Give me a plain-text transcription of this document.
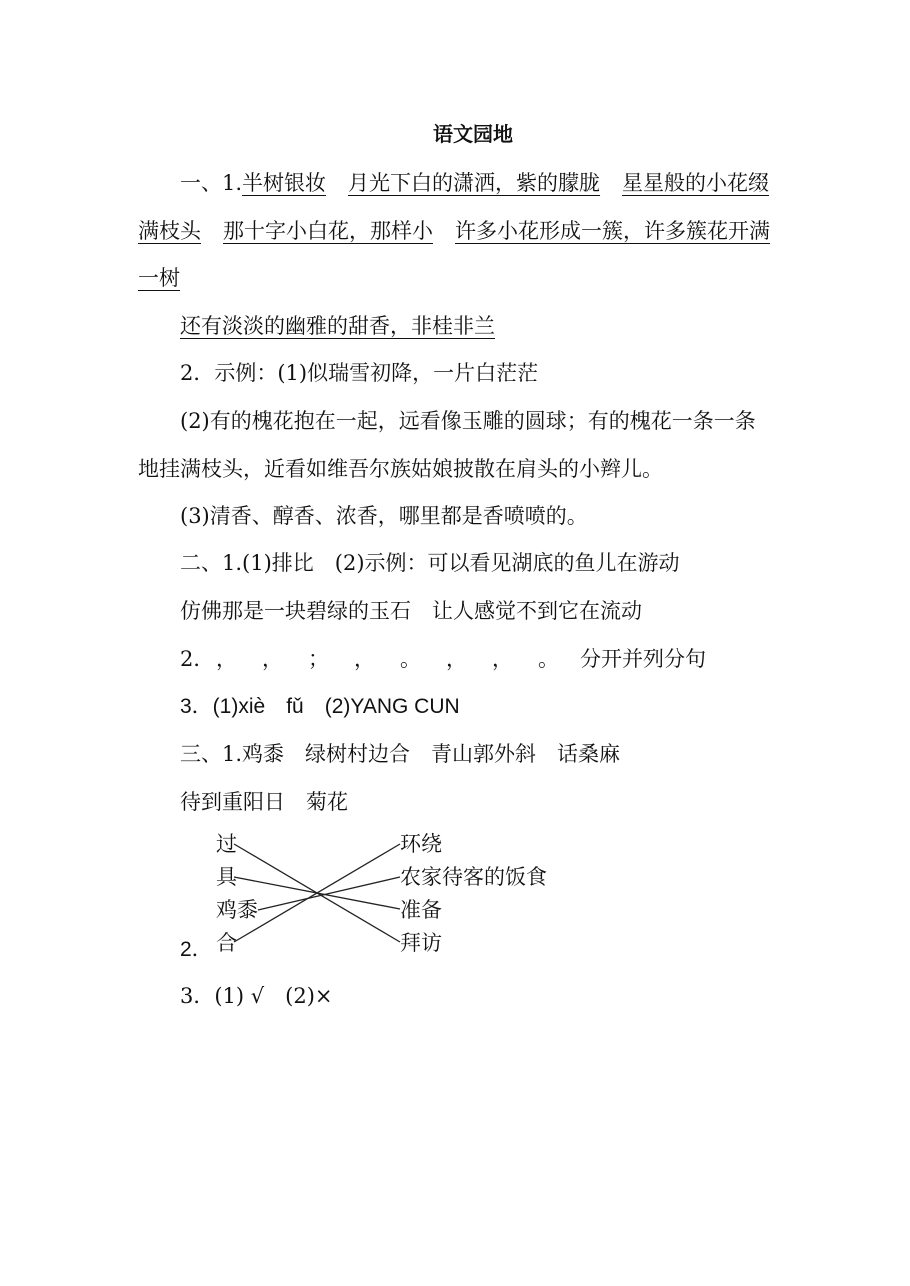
语文园地
一、1.半树银妆 月光下白的潇洒，紫的朦胧 星星般的小花缀
满枝头 那十字小白花，那样小 许多小花形成一簇，许多簇花开满
一树
还有淡淡的幽雅的甜香，非桂非兰
2．示例：(1)似瑞雪初降，一片白茫茫
(2)有的槐花抱在一起，远看像玉雕的圆球；有的槐花一条一条
地挂满枝头，近看如维吾尔族姑娘披散在肩头的小辫儿。
(3)清香、醇香、浓香，哪里都是香喷喷的。
二、1.(1)排比　(2)示例：可以看见湖底的鱼儿在游动
仿佛那是一块碧绿的玉石　让人感觉不到它在流动
2．， ， ； ， 。 ， ， 。 分开并列分句
3．(1)xiè　fǔ　(2)YANG CUN
三、1.鸡黍　绿树村边合　青山郭外斜　话桑麻
待到重阳日　菊花
过
具
鸡黍
合
环绕
农家待客的饭食
准备
拜访
2．
3．(1) √　(2)×
